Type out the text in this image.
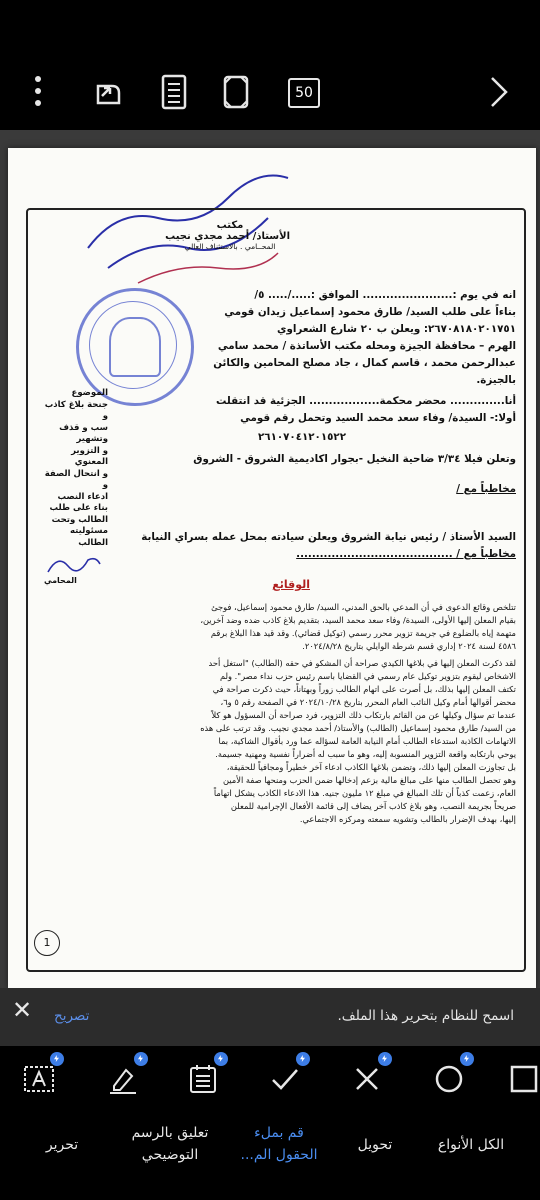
50
مكتب
الأستاذ/ أحمد مجدي نجيب
المحــامي . بالاستئناف العالي
انه في يوم :....................... الموافق :...../..... ٥/
بناءاً على طلب السيد/ طارق محمود إسماعيل زيدان قومي
٢٦٧٠٨١٨٠٢٠١٧٥١: ويعلن ب ٢٠ شارع الشعراوي
الهرم – محافظة الجيزة ومحله مكتب الأساتذة / محمد سامي
عبدالرحمن محمد ، قاسم كمال ، جاد مصلح المحامين والكائن
بالجيزة.
أنا.............. محضر محكمة.................. الجزئية قد انتقلت
أولا:- السيدة/ وفاء سعد محمد السيد وتحمل رقم قومي
٢٦١٠٧٠٤١٢٠١٥٢٢
وتعلن فيلا ٣/٣٤ ضاحية النخيل -بجوار اكاديمية الشروق - الشروق
مخاطباً مع /
السيد الأستاذ / رئيس نيابة الشروق ويعلن سيادته بمحل عمله بسراي النيابة
مخاطباً مع / ........................................
الوقائع
تتلخص وقائع الدعوى في أن المدعي بالحق المدني، السيد/ طارق محمود إسماعيل، فوجئ
بقيام المعلن إليها الأولى، السيدة/ وفاء سعد محمد السيد، بتقديم بلاغ كاذب ضده وضد آخرين،
متهمة إياه بالضلوع في جريمة تزوير محرر رسمي (توكيل قضائي). وقد قيد هذا البلاغ برقم
٤٥٨٦ لسنة ٢٠٢٤ إداري قسم شرطة الوايلي بتاريخ ٢٠٢٤/٨/٢٨.
لقد ذكرت المعلن إليها في بلاغها الكيدي صراحة أن المشكو في حقه (الطالب) "استغل أحد
الاشخاص ليقوم بتزوير توكيل عام رسمي في القضايا باسم رئيس حزب نداء مصر". ولم
تكتف المعلن إليها بذلك، بل أصرت على اتهام الطالب زوراً وبهتاناً، حيث ذكرت صراحة في
محضر أقوالها أمام وكيل النائب العام المحرر بتاريخ ٢٠٢٤/١٠/٢٨ في الصفحة رقم ٥ و٦،
عندما تم سؤال وكيلها عن من القائم بارتكاب ذلك التزوير، فرد صراحة أن المسؤول هو كلاً
من السيد/ طارق محمود إسماعيل (الطالب) والأستاذ/ أحمد مجدي نجيب. وقد ترتب على هذه
الاتهامات الكاذبة استدعاء الطالب أمام النيابة العامة لسؤاله عما ورد بأقوال الشاكية، بما
يوحي بارتكابه واقعة التزوير المنسوبة إليه، وهو ما سبب له أضراراً نفسية ومهنية جسيمة.
بل تجاوزت المعلن إليها ذلك، وتضمن بلاغها الكاذب ادعاء آخر خطيراً ومجافياً للحقيقة،
وهو تحصل الطالب منها على مبالغ مالية بزعم إدخالها ضمن الحزب ومنحها صفة الأمين
العام، زعمت كذباً أن تلك المبالغ في مبلغ ١٢ مليون جنيه. هذا الادعاء الكاذب يشكل اتهاماً
صريحاً بجريمة النصب، وهو بلاغ كاذب آخر يضاف إلى قائمة الأفعال الإجرامية للمعلن
إليها، بهدف الإضرار بالطالب وتشويه سمعته ومركزه الاجتماعي.
الموضوع
جنحة بلاغ كاذب و
سب و قذف
وتشهير
و التزوير المعنوي
و انتحال الصفة و
ادعاء النصب
بناء على طلب
الطالب وتحت
مسئوليته
الطالب
المحامي
1
✕ تصريح	اسمح للنظام بتحرير هذا الملف.
الكل الأنواع
تحويل
قم بملء
الحقول الم...
تعليق بالرسم
التوضيحي
تحرير
